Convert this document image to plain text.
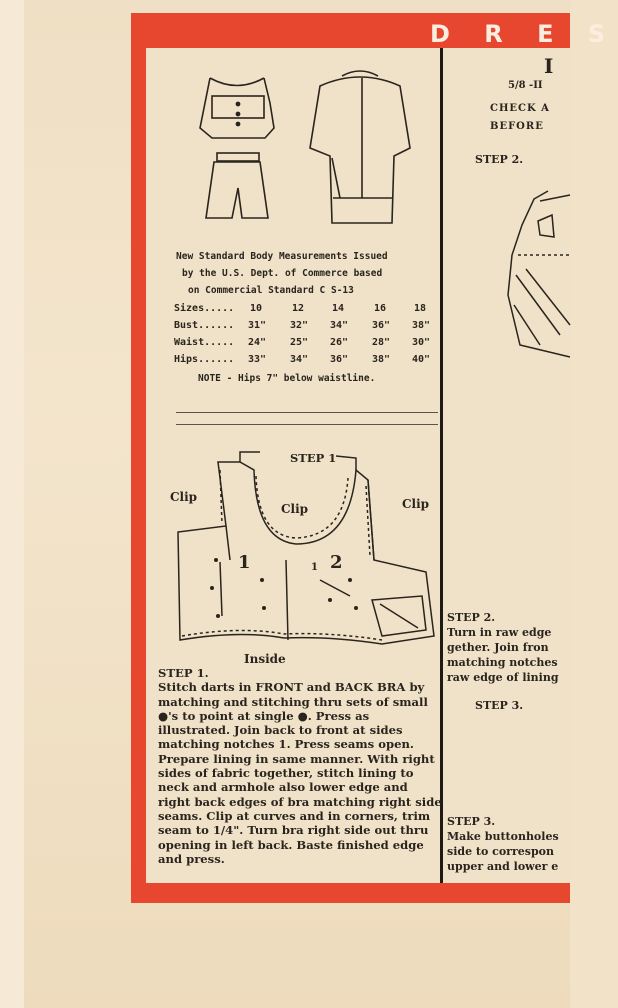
D R E S
New Standard Body Measurements Issued
by the U.S. Dept. of Commerce based
on Commercial Standard C S-13
Sizes..... 10	12	14	16	18
Bust...... 31" 32" 34" 36" 38"
Waist..... 24" 25" 26" 28" 30"
Hips...... 33" 34" 36" 38" 40"
NOTE - Hips 7" below waistline.
STEP 1
Clip
Clip	Clip
1	2
1
Inside
STEP 1.
Stitch darts in FRONT and BACK BRA by matching and stitching thru sets of small ●'s to point at single ●. Press as illustrated. Join back to front at sides matching notches 1. Press seams open. Prepare lining in same manner. With right sides of fabric together, stitch lining to neck and armhole also lower edge and right back edges of bra matching right side seams. Clip at curves and in corners, trim seam to 1/4". Turn bra right side out thru opening in left back. Baste finished edge and press.
I
5/8 -II
CHECK A
BEFORE
STEP 2.
STEP 2.
Turn in raw edge
gether. Join fron
matching notches
raw edge of lining
STEP 3.
STEP 3.
Make buttonholes
side to correspon
upper and lower e
